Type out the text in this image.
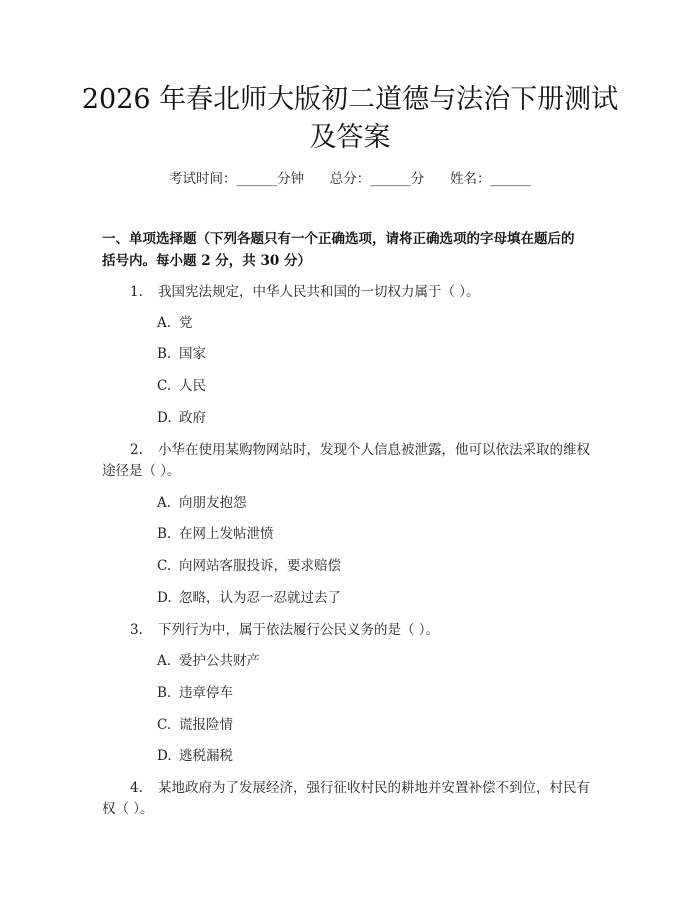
2026 年春北师大版初二道德与法治下册测试
及答案
考试时间：______分钟      总分：______分      姓名：______
一、单项选择题（下列各题只有一个正确选项，请将正确选项的字母填在题后的
括号内。每小题 2 分，共 30 分）
1. 我国宪法规定，中华人民共和国的一切权力属于（ ）。
A. 党
B. 国家
C. 人民
D. 政府
2. 小华在使用某购物网站时，发现个人信息被泄露，他可以依法采取的维权
途径是（ ）。
A. 向朋友抱怨
B. 在网上发帖泄愤
C. 向网站客服投诉，要求赔偿
D. 忽略，认为忍一忍就过去了
3. 下列行为中，属于依法履行公民义务的是（ ）。
A. 爱护公共财产
B. 违章停车
C. 谎报险情
D. 逃税漏税
4. 某地政府为了发展经济，强行征收村民的耕地并安置补偿不到位，村民有
权（ ）。
